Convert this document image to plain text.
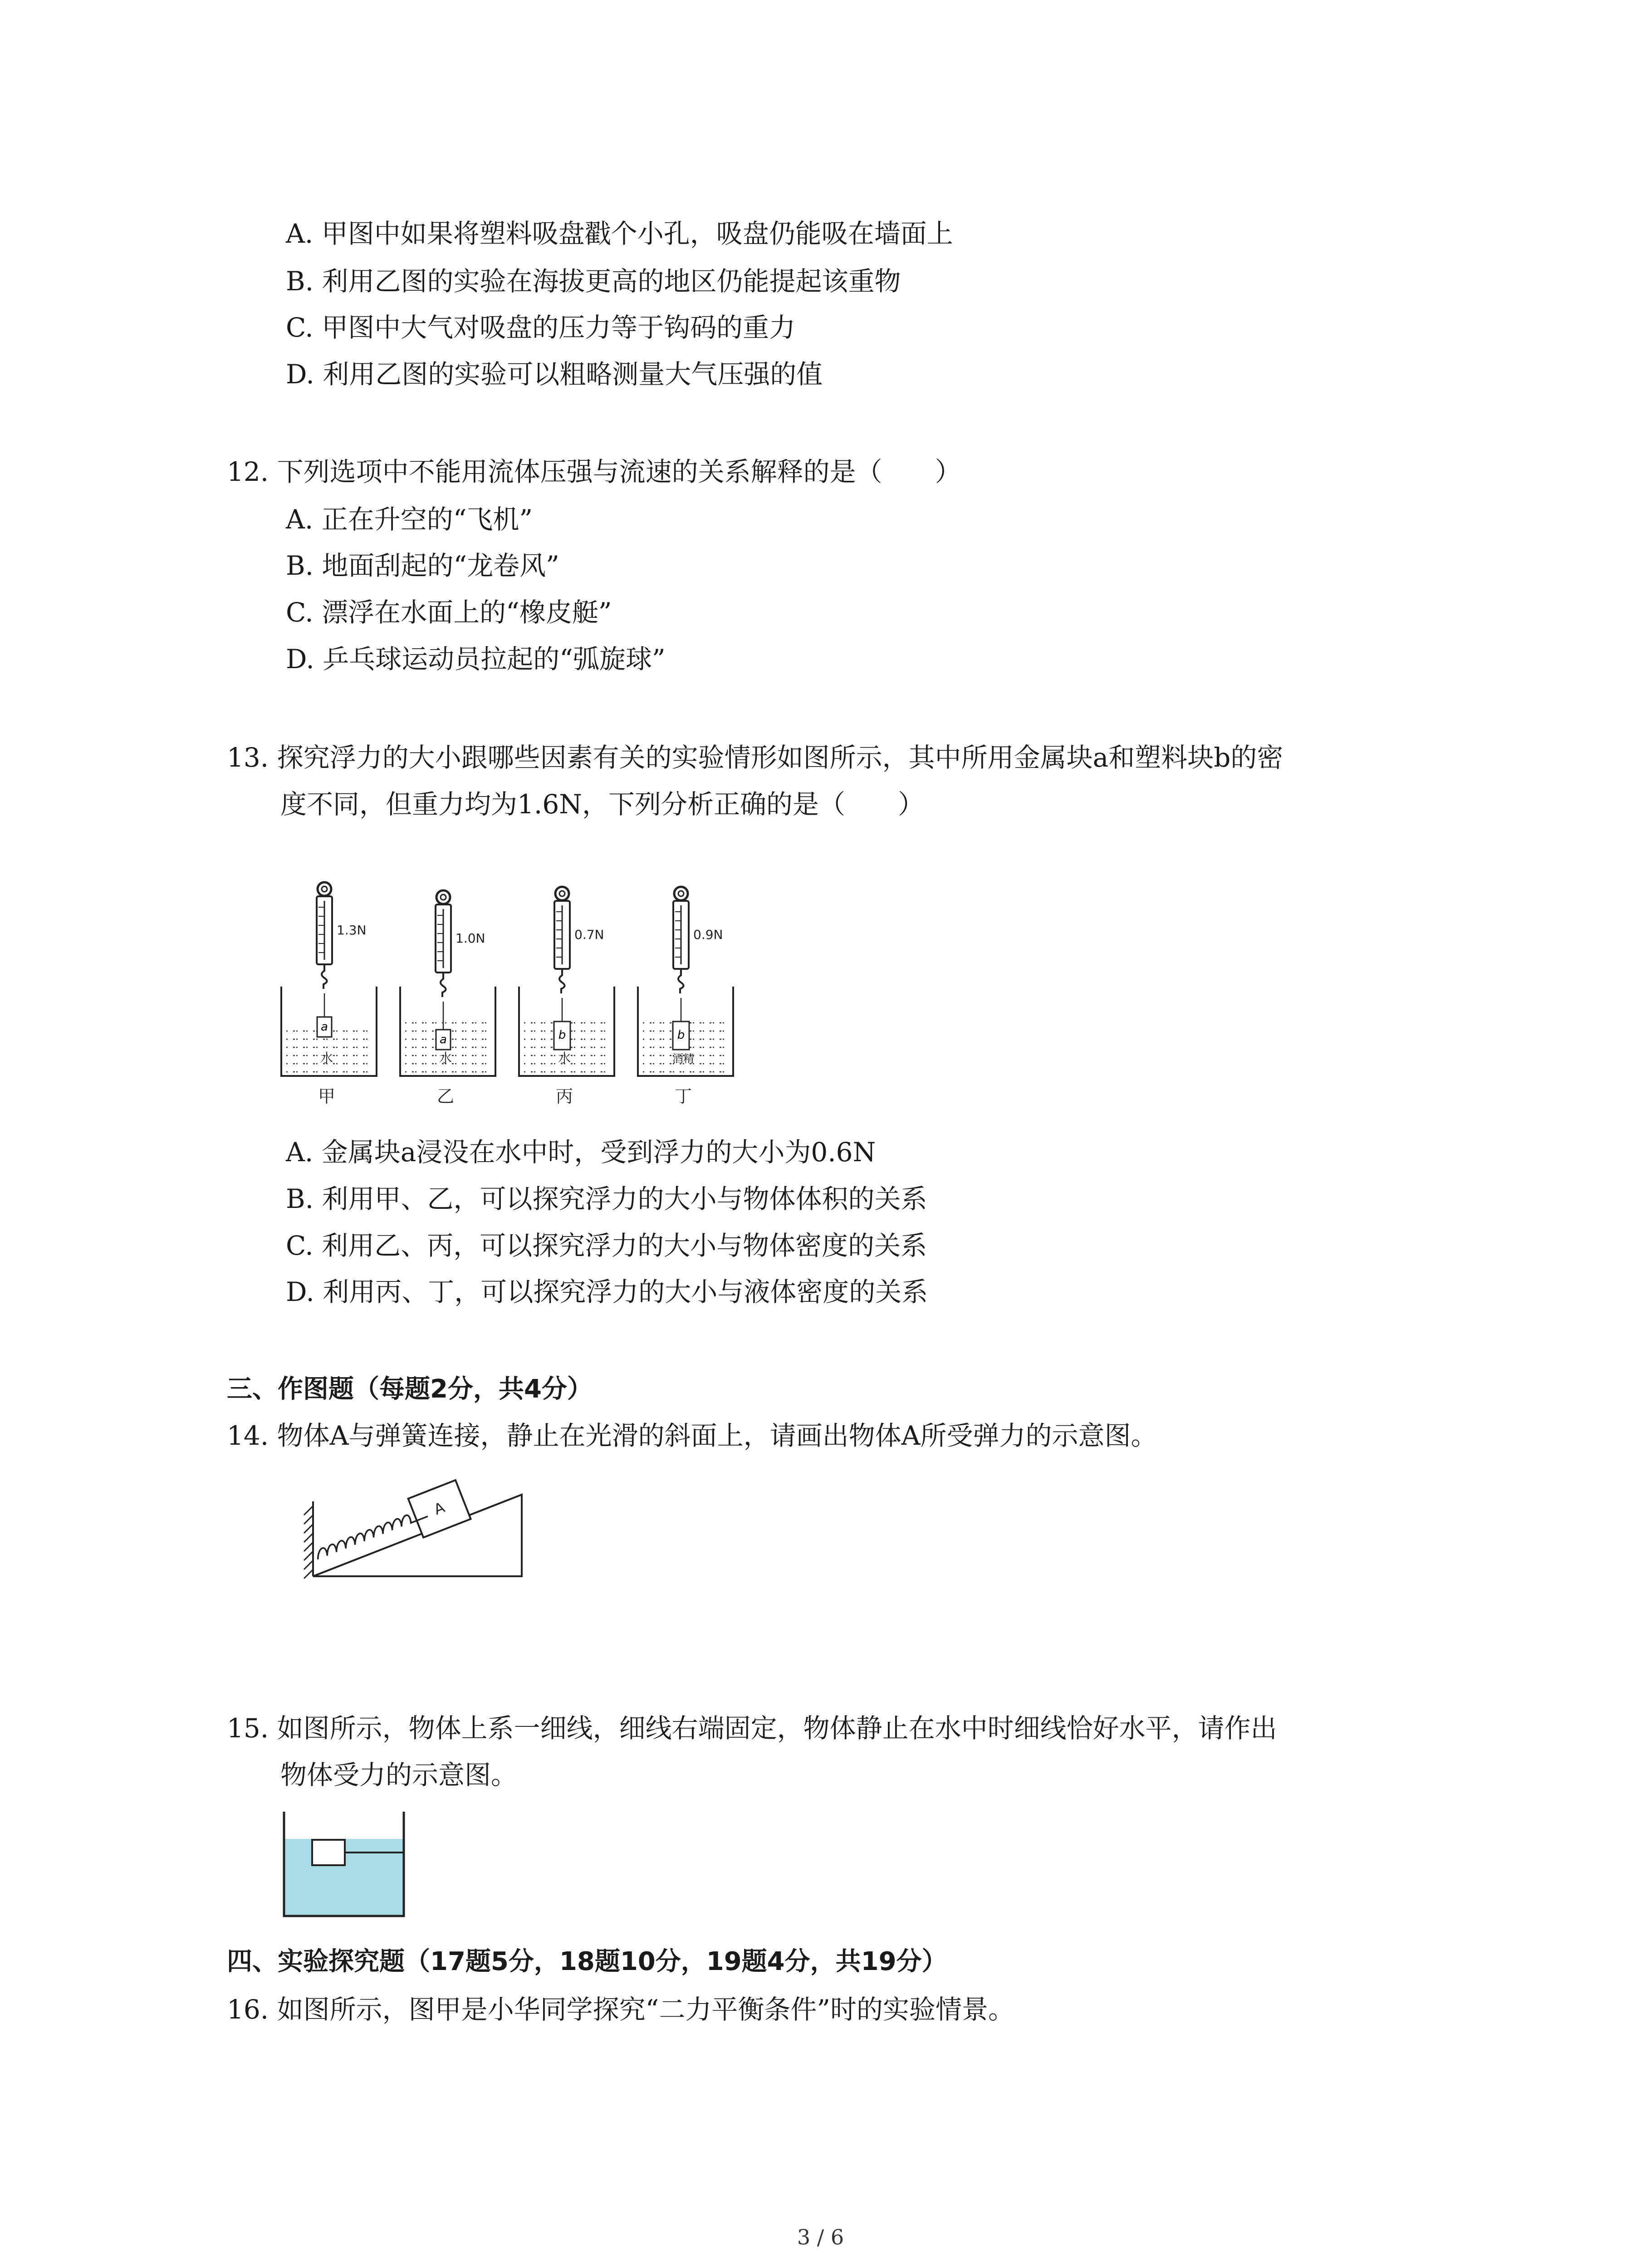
A. 甲图中如果将塑料吸盘戳个小孔，吸盘仍能吸在墙面上
B. 利用乙图的实验在海拔更高的地区仍能提起该重物
C. 甲图中大气对吸盘的压力等于钩码的重力
D. 利用乙图的实验可以粗略测量大气压强的值
12. 下列选项中不能用流体压强与流速的关系解释的是（　　）
A. 正在升空的“飞机”
B. 地面刮起的“龙卷风”
C. 漂浮在水面上的“橡皮艇”
D. 乒乓球运动员拉起的“弧旋球”
13. 探究浮力的大小跟哪些因素有关的实验情形如图所示，其中所用金属块a和塑料块b的密
度不同，但重力均为1.6N，下列分析正确的是（　　）
a
水
1.3N
甲
a
水
1.0N
乙
b
水
0.7N
丙
b
酒精
0.9N
丁
A. 金属块a浸没在水中时，受到浮力的大小为0.6N
B. 利用甲、乙，可以探究浮力的大小与物体体积的关系
C. 利用乙、丙，可以探究浮力的大小与物体密度的关系
D. 利用丙、丁，可以探究浮力的大小与液体密度的关系
三、作图题（每题2分，共4分）
14. 物体A与弹簧连接，静止在光滑的斜面上，请画出物体A所受弹力的示意图。
A
15. 如图所示，物体上系一细线，细线右端固定，物体静止在水中时细线恰好水平，请作出
物体受力的示意图。
四、实验探究题（17题5分，18题10分，19题4分，共19分）
16. 如图所示，图甲是小华同学探究“二力平衡条件”时的实验情景。
3 / 6
